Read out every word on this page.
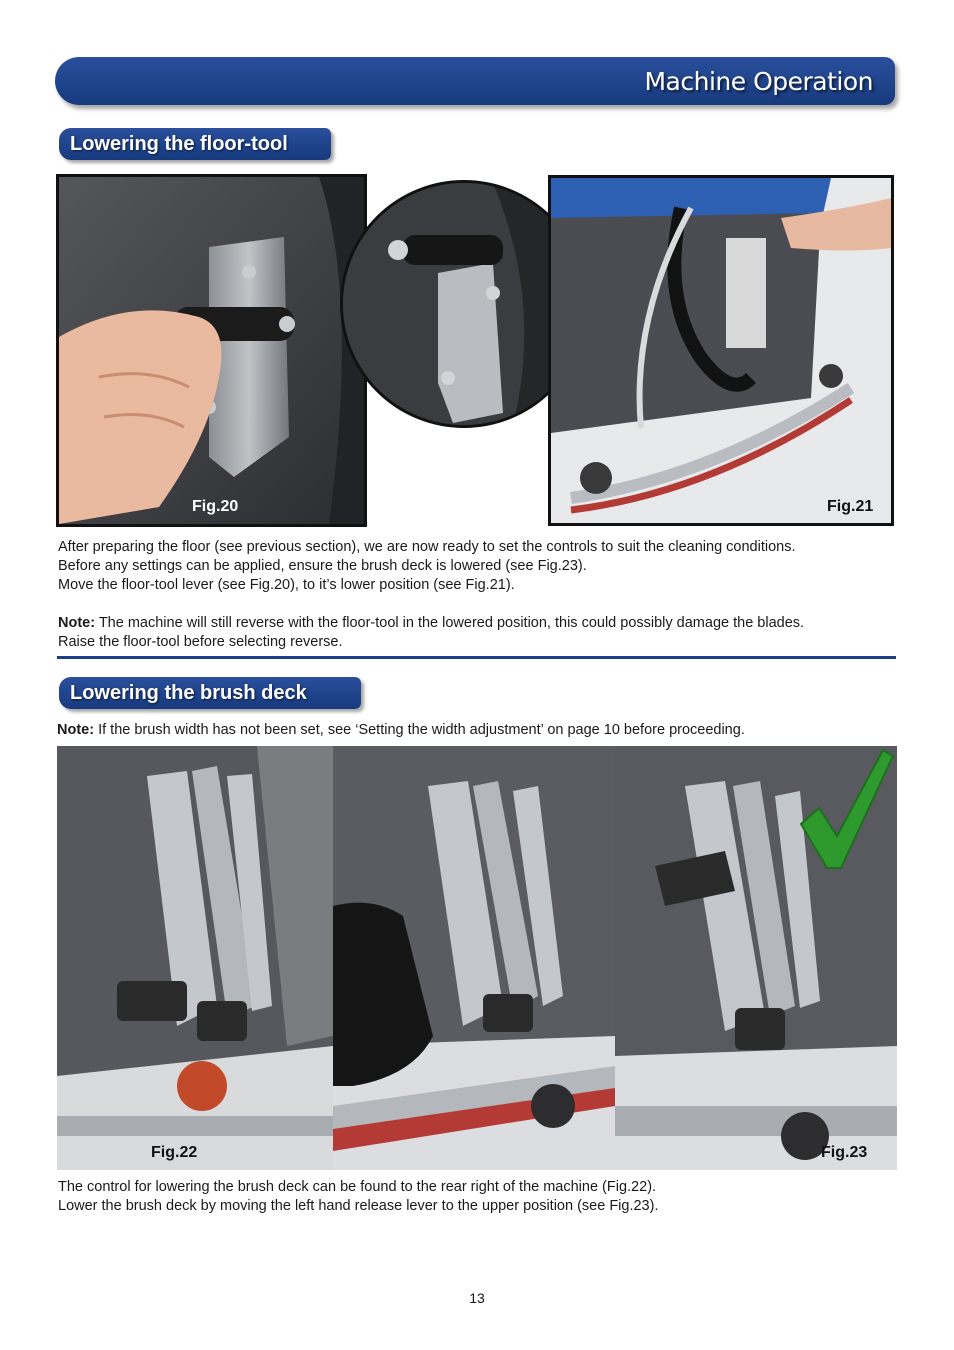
Machine Operation
Lowering the floor-tool
Fig.20	Fig.21
After preparing the floor (see previous section), we are now ready to set the controls to suit the cleaning conditions.
Before any settings can be applied, ensure the brush deck is lowered (see Fig.23).
Move the floor-tool lever (see Fig.20), to it’s lower position (see Fig.21).
Note: The machine will still reverse with the floor-tool in the lowered position, this could possibly damage the blades.
Raise the floor-tool before selecting reverse.
Lowering the brush deck
Note: If the brush width has not been set, see ‘Setting the width adjustment’ on page 10 before proceeding.
Fig.22	Fig.23
The control for lowering the brush deck can be found to the rear right of the machine (Fig.22).
Lower the brush deck by moving the left hand release lever to the upper position (see Fig.23).
13
